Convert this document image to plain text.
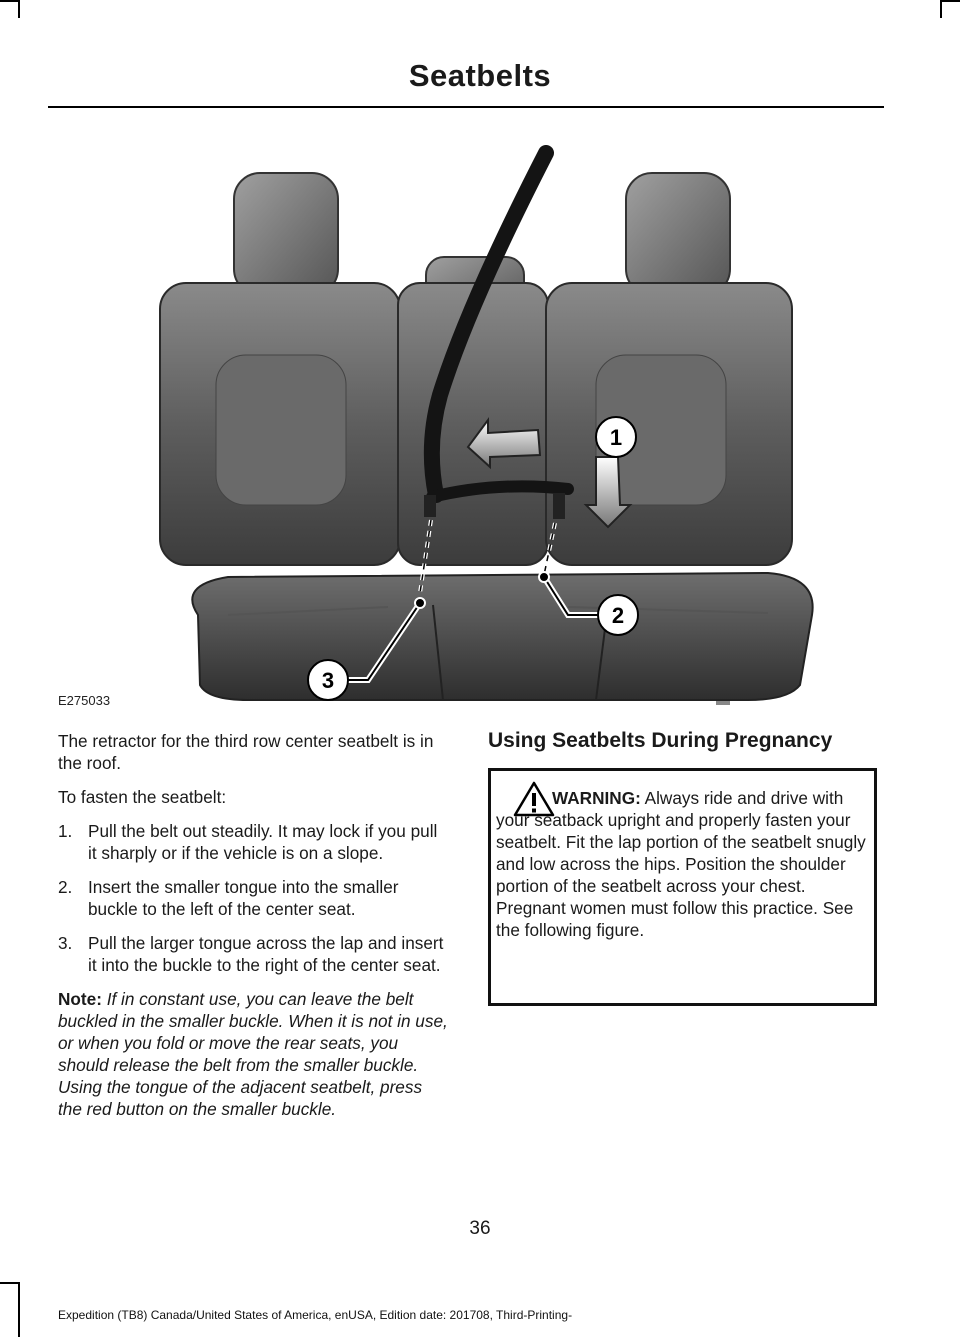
Seatbelts
1
2
3
E275033

The retractor for the third row center seatbelt is in the roof.

To fasten the seatbelt:

1. Pull the belt out steadily. It may lock if you pull it sharply or if the vehicle is on a slope.
2. Insert the smaller tongue into the smaller buckle to the left of the center seat.
3. Pull the larger tongue across the lap and insert it into the buckle to the right of the center seat.

Note: If in constant use, you can leave the belt buckled in the smaller buckle. When it is not in use, or when you fold or move the rear seats, you should release the belt from the smaller buckle. Using the tongue of the adjacent seatbelt, press the red button on the smaller buckle.

Using Seatbelts During Pregnancy
WARNING: Always ride and drive with your seatback upright and properly fasten your seatbelt. Fit the lap portion of the seatbelt snugly and low across the hips. Position the shoulder portion of the seatbelt across your chest. Pregnant women must follow this practice. See the following figure.
36
Expedition (TB8) Canada/United States of America, enUSA, Edition date: 201708, Third-Printing-
